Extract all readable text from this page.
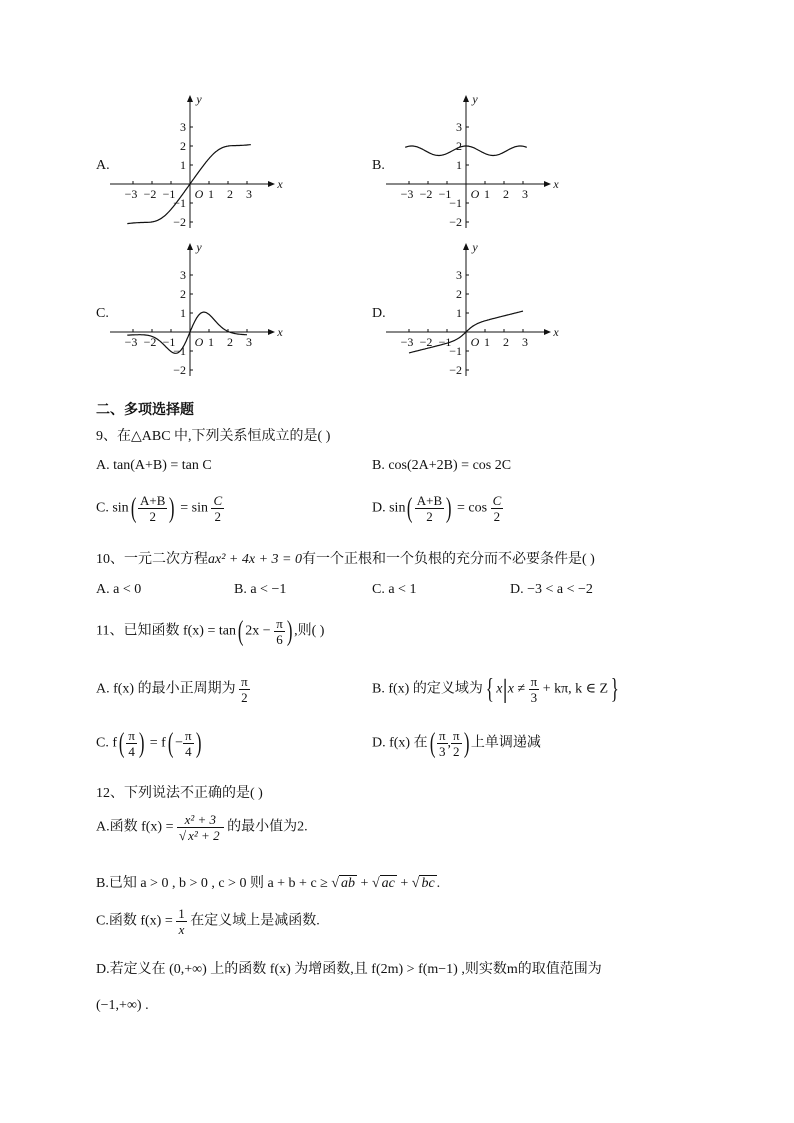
A.
x
y
O
−3 −2 −1	1 2 3
3
2
1
−1
−2
B.
x
y
O
−3 −2 −1	1 2 3
3
2
1
−1
−2
C.
x
y
O
−3 −2 −1	1 2 3
3
2
1
−1
−2
D.
x
y
O
−3 −2 −1	1 2 3
3
2
1
−1
−2
二、多项选择题
9、在△ABC 中,下列关系恒成立的是( )
A. tan(A+B) = tan C	B. cos(2A+2B) = cos 2C
C. $\sin( \frac{A+B}{2}$ ) = $\sin \frac{C}{2}$	D. $\sin( \frac{A+B}{2}$ ) = $\cos \frac{C}{2}$
10、一元二次方程ax² + 4x + 3 = 0有一个正根和一个负根的充分而不必要条件是( )
A. a < 0	B. a < −1	C. a < 1	D. −3 < a < −2
11、已知函数 f(x) = tan( $2x - \frac{\pi}{6}$ ) ,则( )
A. f(x) 的最小正周期为 $\frac{\pi}{2}$	B. f(x) 的定义域为{ $x|x \ne \frac{\pi}{3} + k\pi$, k ∈ Z}
C. $f( \frac{\pi}{4}$ ) = $f( - \frac{\pi}{4}$ )	D. f(x) 在( $\frac{\pi}{3}$ , $\frac{\pi}{2}$ ) 上单调递减
12、下列说法不正确的是( )
A.函数 $f(x) = \frac{\text{x² + 3}}{\text{√ x² + 2}}$ 的最小值为2.
B.已知 a > 0 , b > 0 , c > 0 则 a + b + c ≥ √ ab + √ ac + √ bc .
C.函数 $f(x) = \frac{1}{x}$ 在定义域上是减函数.
D.若定义在 (0,+∞) 上的函数 f(x) 为增函数,且 f(2m) > f(m−1) ,则实数m的取值范围为
(−1,+∞) .
